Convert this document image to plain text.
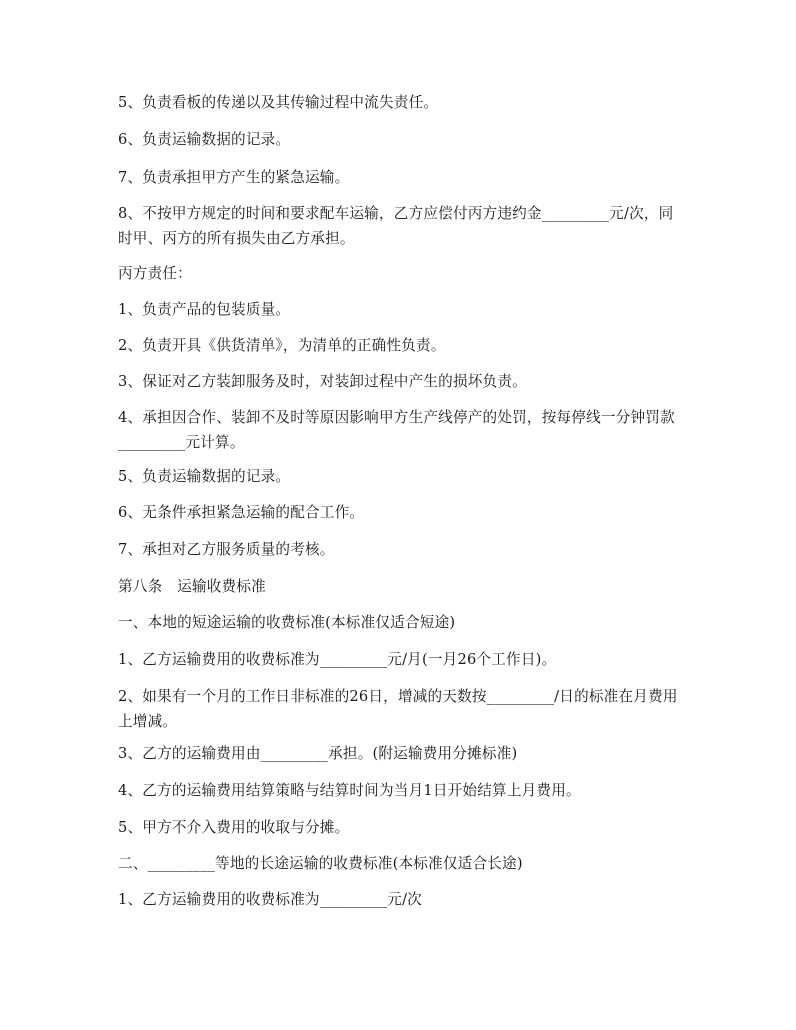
5、负责看板的传递以及其传输过程中流失责任。
6、负责运输数据的记录。
7、负责承担甲方产生的紧急运输。
8、不按甲方规定的时间和要求配车运输，乙方应偿付丙方违约金_________元/次，同时甲、丙方的所有损失由乙方承担。
丙方责任：
1、负责产品的包装质量。
2、负责开具《供货清单》，为清单的正确性负责。
3、保证对乙方装卸服务及时，对装卸过程中产生的损坏负责。
4、承担因合作、装卸不及时等原因影响甲方生产线停产的处罚，按每停线一分钟罚款_________元计算。
5、负责运输数据的记录。
6、无条件承担紧急运输的配合工作。
7、承担对乙方服务质量的考核。
第八条　运输收费标准
一、本地的短途运输的收费标准(本标准仅适合短途)
1、乙方运输费用的收费标准为_________元/月(一月26个工作日)。
2、如果有一个月的工作日非标准的26日，增减的天数按_________/日的标准在月费用上增减。
3、乙方的运输费用由_________承担。(附运输费用分摊标准)
4、乙方的运输费用结算策略与结算时间为当月1日开始结算上月费用。
5、甲方不介入费用的收取与分摊。
二、_________等地的长途运输的收费标准(本标准仅适合长途)
1、乙方运输费用的收费标准为_________元/次
